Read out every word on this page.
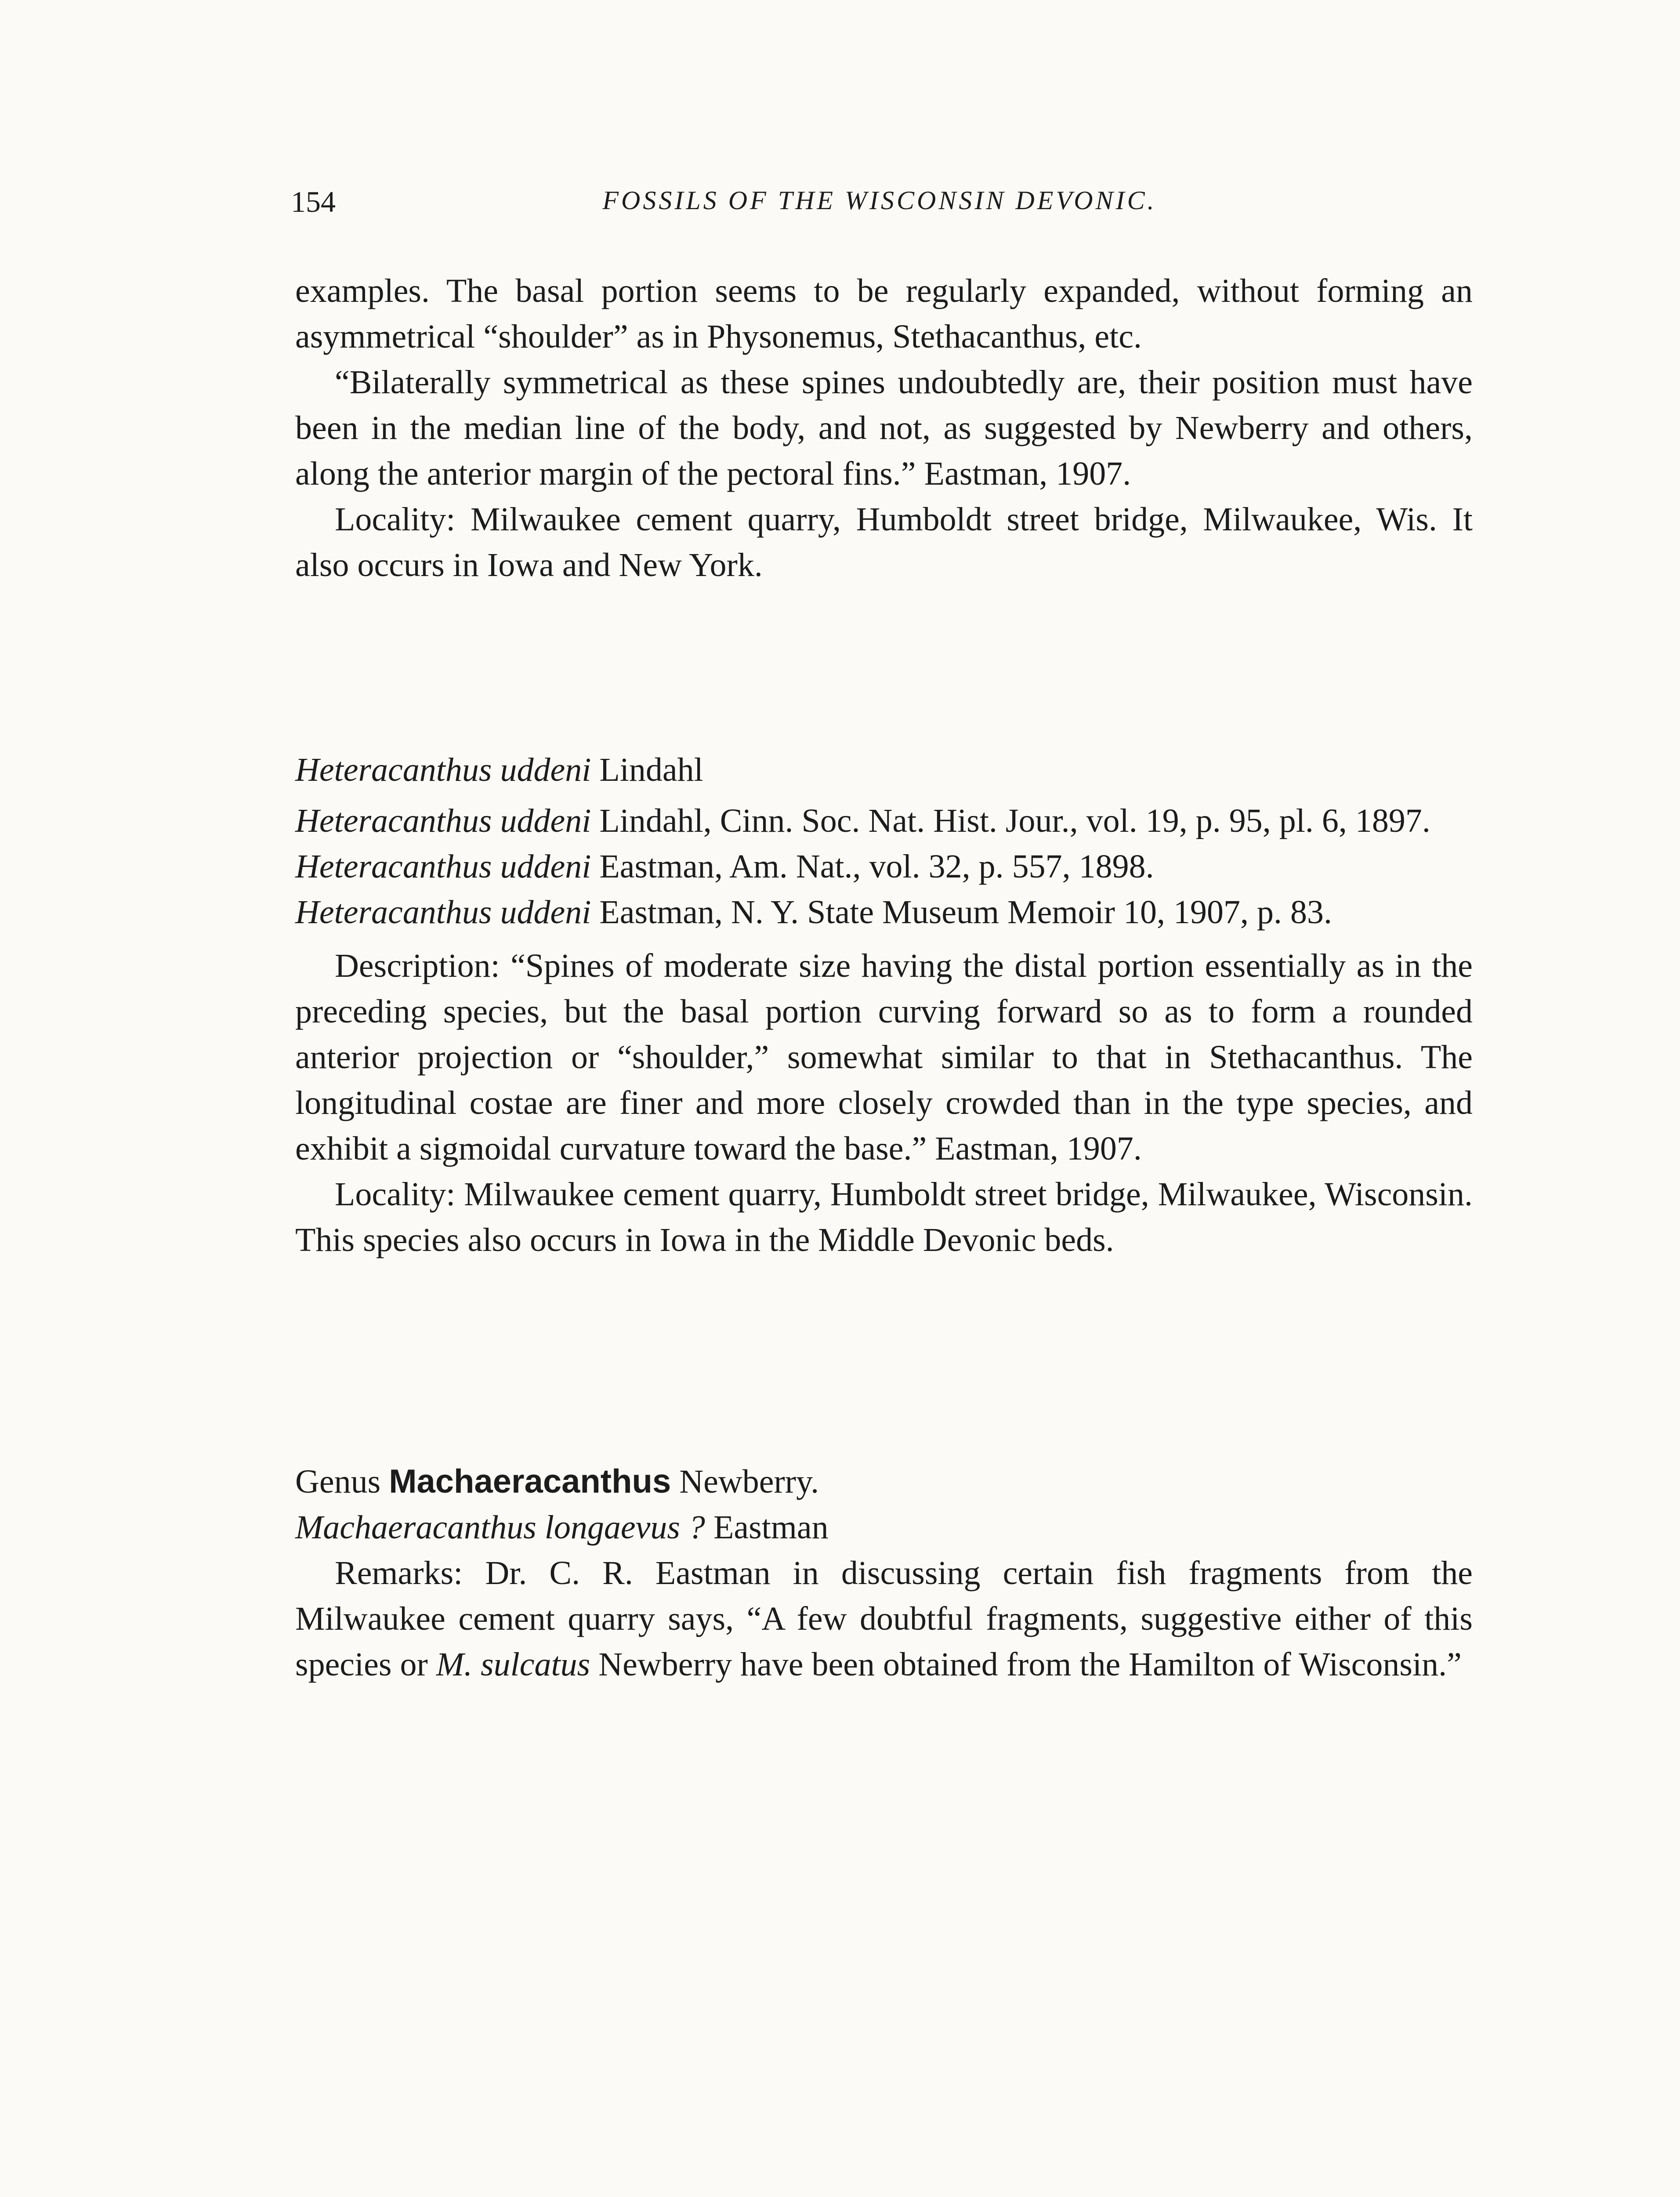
154	FOSSILS OF THE WISCONSIN DEVONIC.

examples. The basal portion seems to be regularly expanded, without forming an asymmetrical “shoulder” as in Physonemus, Stethacanthus, etc.

“Bilaterally symmetrical as these spines undoubtedly are, their position must have been in the median line of the body, and not, as suggested by Newberry and others, along the anterior margin of the pectoral fins.” Eastman, 1907.

Locality: Milwaukee cement quarry, Humboldt street bridge, Milwaukee, Wis. It also occurs in Iowa and New York.

Heteracanthus uddeni Lindahl

Heteracanthus uddeni Lindahl, Cinn. Soc. Nat. Hist. Jour., vol. 19, p. 95, pl. 6, 1897.

Heteracanthus uddeni Eastman, Am. Nat., vol. 32, p. 557, 1898.

Heteracanthus uddeni Eastman, N. Y. State Museum Memoir 10, 1907, p. 83.

Description: “Spines of moderate size having the distal portion essentially as in the preceding species, but the basal portion curving forward so as to form a rounded anterior projection or “shoulder,” somewhat similar to that in Stethacanthus. The longitudinal costae are finer and more closely crowded than in the type species, and exhibit a sigmoidal curvature toward the base.” Eastman, 1907.

Locality: Milwaukee cement quarry, Humboldt street bridge, Milwaukee, Wisconsin. This species also occurs in Iowa in the Middle Devonic beds.

Genus Machaeracanthus Newberry.

Machaeracanthus longaevus ? Eastman

Remarks: Dr. C. R. Eastman in discussing certain fish fragments from the Milwaukee cement quarry says, “A few doubtful fragments, suggestive either of this species or M. sulcatus Newberry have been obtained from the Hamilton of Wisconsin.”
